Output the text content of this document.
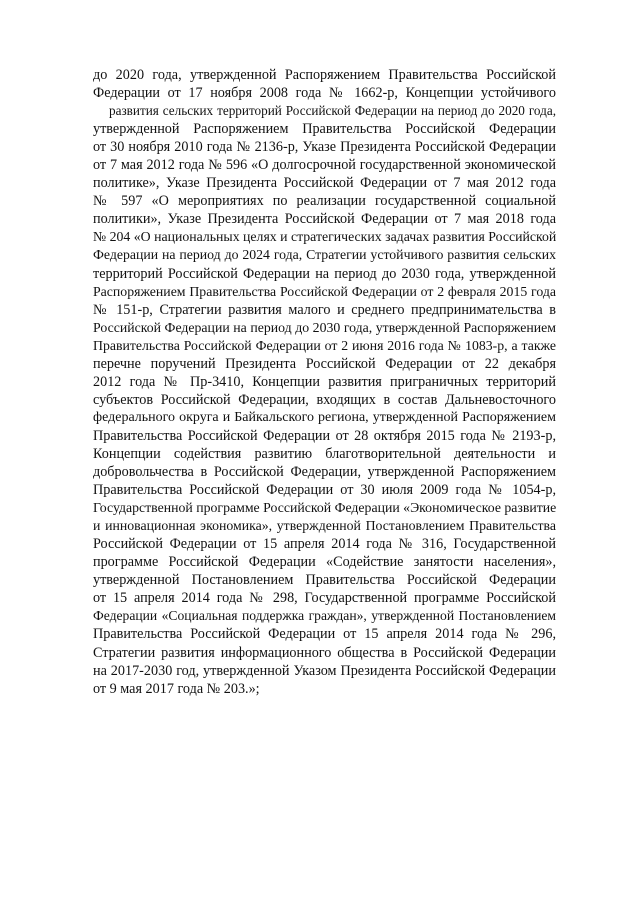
до 2020 года, утвержденной Распоряжением Правительства Российской
Федерации от 17 ноября 2008 года № 1662-р, Концепции устойчивого
развития сельских территорий Российской Федерации на период до 2020 года,
утвержденной Распоряжением Правительства Российской Федерации
от 30 ноября 2010 года № 2136-р, Указе Президента Российской Федерации
от 7 мая 2012 года № 596 «О долгосрочной государственной экономической
политике», Указе Президента Российской Федерации от 7 мая 2012 года
№ 597 «О мероприятиях по реализации государственной социальной
политики», Указе Президента Российской Федерации от 7 мая 2018 года
№ 204 «О национальных целях и стратегических задачах развития Российской
Федерации на период до 2024 года, Стратегии устойчивого развития сельских
территорий Российской Федерации на период до 2030 года, утвержденной
Распоряжением Правительства Российской Федерации от 2 февраля 2015 года
№ 151-р, Стратегии развития малого и среднего предпринимательства в
Российской Федерации на период до 2030 года, утвержденной Распоряжением
Правительства Российской Федерации от 2 июня 2016 года № 1083-р, а также
перечне поручений Президента Российской Федерации от 22 декабря
2012 года № Пр-3410, Концепции развития приграничных территорий
субъектов Российской Федерации, входящих в состав Дальневосточного
федерального округа и Байкальского региона, утвержденной Распоряжением
Правительства Российской Федерации от 28 октября 2015 года № 2193-р,
Концепции содействия развитию благотворительной деятельности и
добровольчества в Российской Федерации, утвержденной Распоряжением
Правительства Российской Федерации от 30 июля 2009 года № 1054-р,
Государственной программе Российской Федерации «Экономическое развитие
и инновационная экономика», утвержденной Постановлением Правительства
Российской Федерации от 15 апреля 2014 года № 316, Государственной
программе Российской Федерации «Содействие занятости населения»,
утвержденной Постановлением Правительства Российской Федерации
от 15 апреля 2014 года № 298, Государственной программе Российской
Федерации «Социальная поддержка граждан», утвержденной Постановлением
Правительства Российской Федерации от 15 апреля 2014 года № 296,
Стратегии развития информационного общества в Российской Федерации
на 2017-2030 год, утвержденной Указом Президента Российской Федерации
от 9 мая 2017 года № 203.»;
